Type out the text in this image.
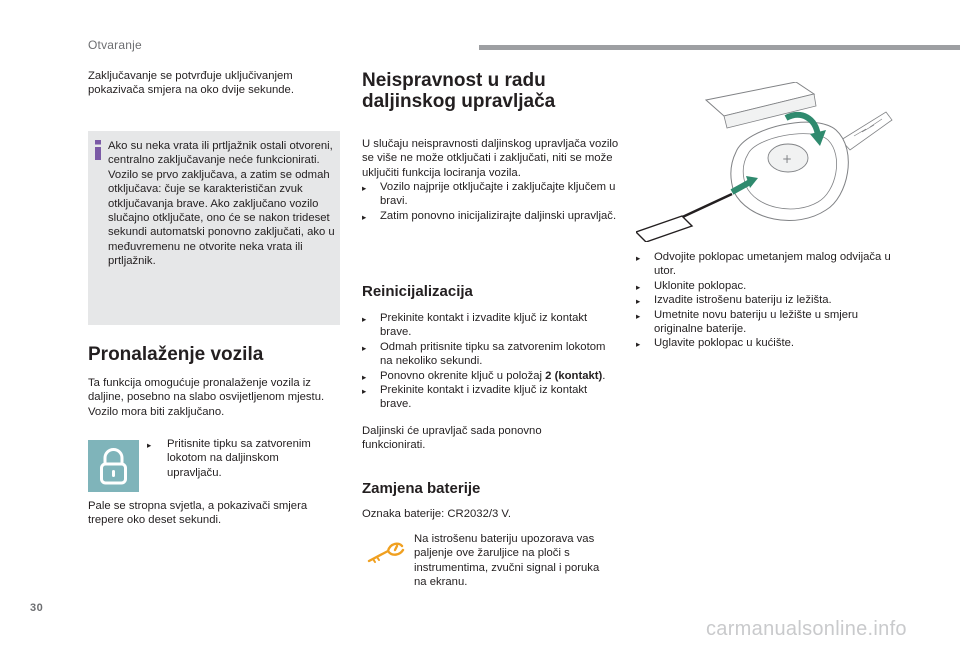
Otvaranje
Zaključavanje se potvrđuje uključivanjem pokazivača smjera na oko dvije sekunde.
Ako su neka vrata ili prtljažnik ostali otvoreni, centralno zaključavanje neće funkcionirati. Vozilo se prvo zaključava, a zatim se odmah otključava: čuje se karakterističan zvuk otključavanja brave. Ako zaključano vozilo slučajno otključate, ono će se nakon trideset sekundi automatski ponovno zaključati, ako u međuvremenu ne otvorite neka vrata ili prtljažnik.
Pronalaženje vozila
Ta funkcija omogućuje pronalaženje vozila iz daljine, posebno na slabo osvijetljenom mjestu. Vozilo mora biti zaključano.
▸	Pritisnite tipku sa zatvorenim lokotom na daljinskom upravljaču.
Pale se stropna svjetla, a pokazivači smjera trepere oko deset sekundi.
Neispravnost u radu daljinskog upravljača
U slučaju neispravnosti daljinskog upravljača vozilo se više ne može otključati i zaključati, niti se može uključiti funkcija lociranja vozila.
▸	Vozilo najprije otključajte i zaključajte ključem u bravi.
▸	Zatim ponovno inicijalizirajte daljinski upravljač.
Reinicijalizacija
▸	Prekinite kontakt i izvadite ključ iz kontakt brave.
▸	Odmah pritisnite tipku sa zatvorenim lokotom na nekoliko sekundi.
▸	Ponovno okrenite ključ u položaj 2 (kontakt).
▸	Prekinite kontakt i izvadite ključ iz kontakt brave.
Daljinski će upravljač sada ponovno funkcionirati.
Zamjena baterije
Oznaka baterije: CR2032/3 V.
Na istrošenu bateriju upozorava vas paljenje ove žaruljice na ploči s instrumentima, zvučni signal i poruka na ekranu.
+
▸	Odvojite poklopac umetanjem malog odvijača u utor.
▸	Uklonite poklopac.
▸	Izvadite istrošenu bateriju iz ležišta.
▸	Umetnite novu bateriju u ležište u smjeru originalne baterije.
▸	Uglavite poklopac u kućište.
30
carmanualsonline.info
